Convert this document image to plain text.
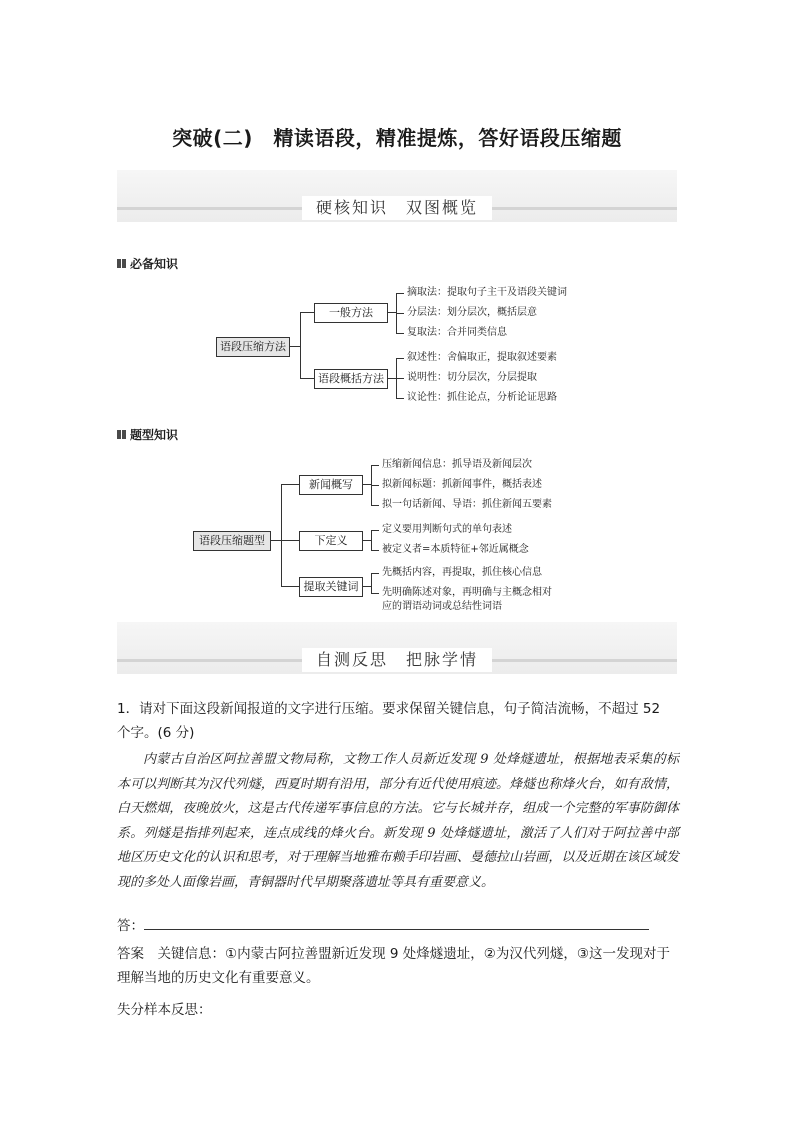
突破(二)　精读语段，精准提炼，答好语段压缩题
硬核知识　双图概览
必备知识
语段压缩方法
一般方法
语段概括方法
摘取法：提取句子主干及语段关键词
分层法：划分层次，概括层意
复取法：合并同类信息
叙述性：舍偏取正，提取叙述要素
说明性：切分层次，分层提取
议论性：抓住论点，分析论证思路
题型知识
语段压缩题型
新闻概写
下定义
提取关键词
压缩新闻信息：抓导语及新闻层次
拟新闻标题：抓新闻事件，概括表述
拟一句话新闻、导语：抓住新闻五要素
定义要用判断句式的单句表述
被定义者=本质特征+邻近属概念
先概括内容，再提取，抓住核心信息
先明确陈述对象，再明确与主概念相对
应的谓语动词或总结性词语
自测反思　把脉学情
1．请对下面这段新闻报道的文字进行压缩。要求保留关键信息，句子简洁流畅，不超过 52
个字。(6 分)
内蒙古自治区阿拉善盟文物局称，文物工作人员新近发现 9 处烽燧遗址，根据地表采集的标本可以判断其为汉代列燧，西夏时期有沿用，部分有近代使用痕迹。烽燧也称烽火台，如有敌情，白天燃烟，夜晚放火，这是古代传递军事信息的方法。它与长城并存，组成一个完整的军事防御体系。列燧是指排列起来，连点成线的烽火台。新发现 9 处烽燧遗址，激活了人们对于阿拉善中部地区历史文化的认识和思考，对于理解当地雅布赖手印岩画、曼德拉山岩画，以及近期在该区域发现的多处人面像岩画，青铜器时代早期聚落遗址等具有重要意义。
答：
答案　 关键信息：①内蒙古阿拉善盟新近发现 9 处烽燧遗址，②为汉代列燧，③这一发现对于理解当地的历史文化有重要意义。
失分样本反思：
